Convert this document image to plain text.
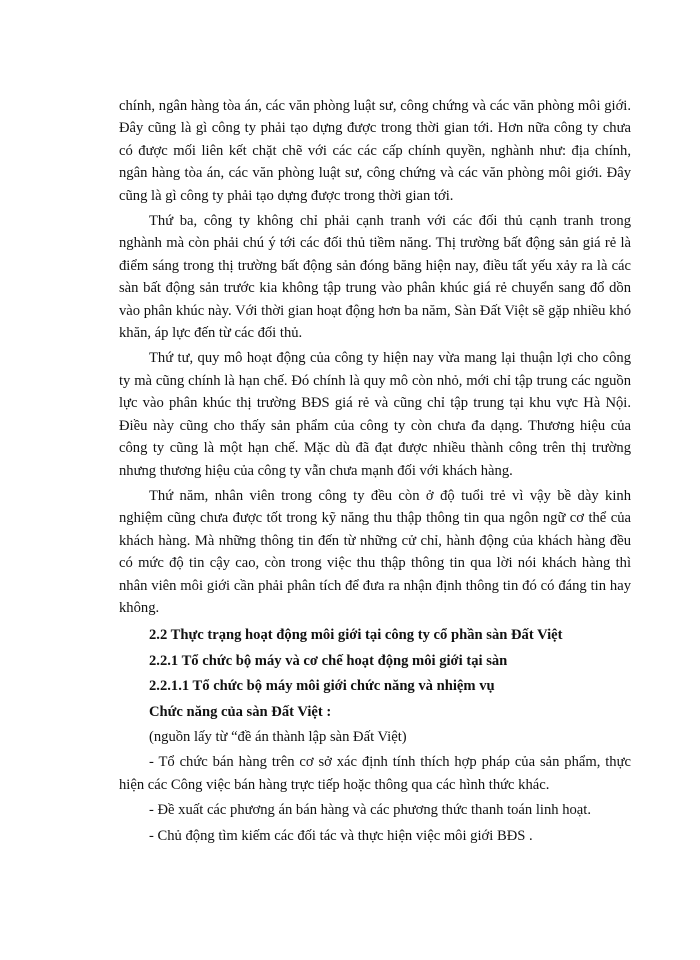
chính, ngân hàng tòa án, các văn phòng luật sư, công chứng và các văn phòng môi giới. Đây cũng là gì công ty phải tạo dựng được trong thời gian tới. Hơn nữa công ty chưa có được mối liên kết chặt chẽ với các các cấp chính quyền, nghành như: địa chính, ngân hàng tòa án, các văn phòng luật sư, công chứng và các văn phòng môi giới. Đây cũng là gì công ty phải tạo dựng được trong thời gian tới.

Thứ ba, công ty không chỉ phải cạnh tranh với các đối thủ cạnh tranh trong nghành mà còn phải chú ý tới các đối thủ tiềm năng. Thị trường bất động sản giá rẻ là điểm sáng trong thị trường bất động sản đóng băng hiện nay, điều tất yếu xảy ra là các sàn bất động sản trước kia không tập trung vào phân khúc giá rẻ chuyển sang đổ dồn vào phân khúc này. Với thời gian hoạt động hơn ba năm, Sàn Đất Việt sẽ gặp nhiều khó khăn, áp lực đến từ các đối thủ.

Thứ tư, quy mô hoạt động của công ty hiện nay vừa mang lại thuận lợi cho công ty mà cũng chính là hạn chế. Đó chính là quy mô còn nhỏ, mới chỉ tập trung các nguồn lực vào phân khúc thị trường BĐS giá rẻ và cũng chỉ tập trung tại khu vực Hà Nội. Điều này cũng cho thấy sản phẩm của công ty còn chưa đa dạng. Thương hiệu của công ty cũng là một hạn chế. Mặc dù đã đạt được nhiều thành công trên thị trường nhưng thương hiệu của công ty vẫn chưa mạnh đối với khách hàng.

Thứ năm, nhân viên trong công ty đều còn ở độ tuổi trẻ vì vậy bề dày kinh nghiệm cũng chưa được tốt trong kỹ năng thu thập thông tin qua ngôn ngữ cơ thể của khách hàng. Mà những thông tin đến từ những cử chỉ, hành động của khách hàng đều có mức độ tin cậy cao, còn trong việc thu thập thông tin qua lời nói khách hàng thì nhân viên môi giới cần phải phân tích để đưa ra nhận định thông tin đó có đáng tin hay không.

2.2 Thực trạng hoạt động môi giới tại công ty cổ phần sàn Đất Việt

2.2.1 Tổ chức bộ máy và cơ chế hoạt động môi giới tại sàn

2.2.1.1 Tổ chức bộ máy môi giới chức năng và nhiệm vụ

Chức năng của sàn Đất Việt :

(nguồn lấy từ “đề án thành lập sàn Đất Việt)

- Tổ chức bán hàng trên cơ sở xác định tính thích hợp pháp của sản phẩm, thực hiện các Công việc bán hàng trực tiếp hoặc thông qua các hình thức khác.

- Đề xuất các phương án bán hàng và các phương thức thanh toán linh hoạt.

- Chủ động tìm kiếm các đối tác và thực hiện việc môi giới BĐS .
